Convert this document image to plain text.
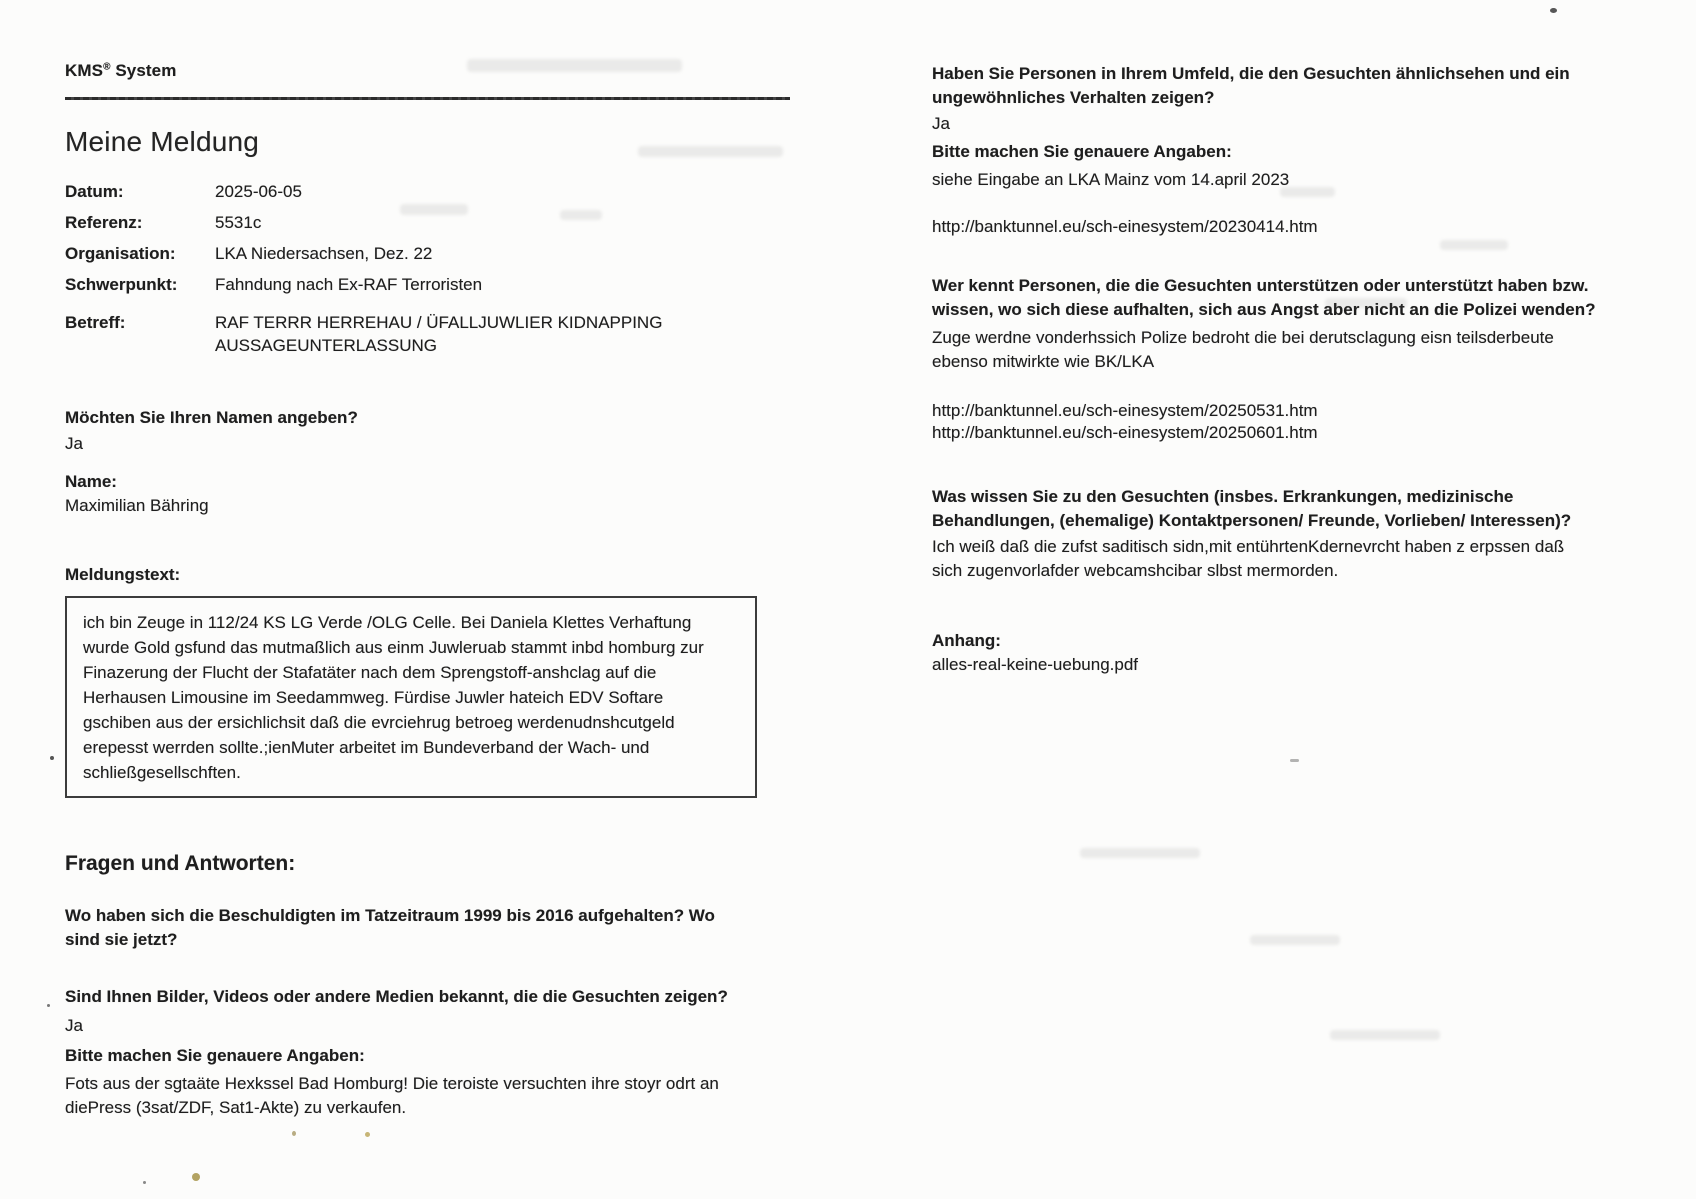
KMS® System
Meine Meldung
Datum:	2025-06-05
Referenz:	5531c
Organisation:	LKA Niedersachsen, Dez. 22
Schwerpunkt:	Fahndung nach Ex-RAF Terroristen
Betreff:	RAF TERRR HERREHAU / ÜFALLJUWLIER KIDNAPPING
AUSSAGEUNTERLASSUNG
Möchten Sie Ihren Namen angeben?
Ja
Name:
Maximilian Bähring
Meldungstext:
ich bin Zeuge in 112/24 KS LG Verde /OLG Celle. Bei Daniela Klettes Verhaftung
wurde Gold gsfund das mutmaßlich aus einm Juwleruab stammt inbd homburg zur
Finazerung der Flucht der Stafatäter nach dem Sprengstoff-anshclag auf die
Herhausen Limousine im Seedammweg. Fürdise Juwler hateich EDV Softare
gschiben aus der ersichlichsit daß die evrciehrug betroeg werdenudnshcutgeld
erepesst werrden sollte.;ienMuter arbeitet im Bundeverband der Wach- und
schließgesellschften.
Fragen und Antworten:
Wo haben sich die Beschuldigten im Tatzeitraum 1999 bis 2016 aufgehalten? Wo
sind sie jetzt?
Sind Ihnen Bilder, Videos oder andere Medien bekannt, die die Gesuchten zeigen?
Ja
Bitte machen Sie genauere Angaben:
Fots aus der sgtaäte Hexkssel Bad Homburg! Die teroiste versuchten ihre stoyr odrt an
diePress (3sat/ZDF, Sat1-Akte) zu verkaufen.
Haben Sie Personen in Ihrem Umfeld, die den Gesuchten ähnlichsehen und ein
ungewöhnliches Verhalten zeigen?
Ja
Bitte machen Sie genauere Angaben:
siehe Eingabe an LKA Mainz vom 14.april 2023
http://banktunnel.eu/sch-einesystem/20230414.htm
Wer kennt Personen, die die Gesuchten unterstützen oder unterstützt haben bzw.
wissen, wo sich diese aufhalten, sich aus Angst aber nicht an die Polizei wenden?
Zuge werdne vonderhssich Polize bedroht die bei derutsclagung eisn teilsderbeute
ebenso mitwirkte wie BK/LKA
http://banktunnel.eu/sch-einesystem/20250531.htm
http://banktunnel.eu/sch-einesystem/20250601.htm
Was wissen Sie zu den Gesuchten (insbes. Erkrankungen, medizinische
Behandlungen, (ehemalige) Kontaktpersonen/ Freunde, Vorlieben/ Interessen)?
Ich weiß daß die zufst saditisch sidn,mit entührtenKdernevrcht haben z erpssen daß
sich zugenvorlafder webcamshcibar slbst mermorden.
Anhang:
alles-real-keine-uebung.pdf
